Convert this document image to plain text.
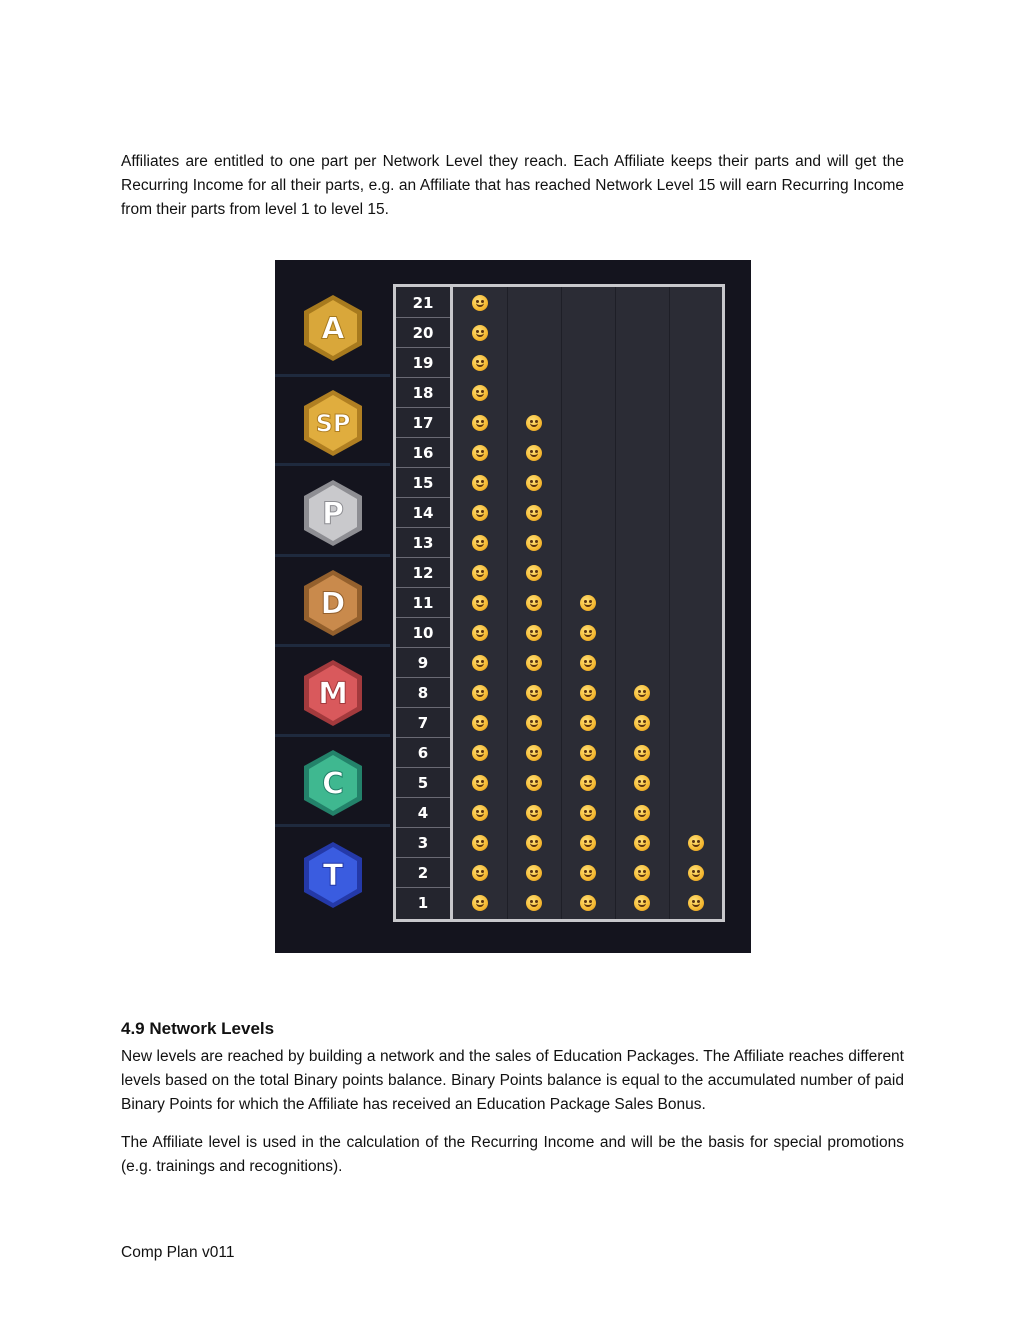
Affiliates are entitled to one part per Network Level they reach. Each Affiliate keeps their parts and will get the Recurring Income for all their parts, e.g. an Affiliate that has reached Network Level 15 will earn Recurring Income from their parts from level 1 to level 15.

A
SP
P
D
M
C
T
21
20
19
18
17
16
15
14
13
12
11
10
9
8
7
6
5
4
3
2
1
4.9 Network Levels

New levels are reached by building a network and the sales of Education Packages. The Affiliate reaches different levels based on the total Binary points balance. Binary Points balance is equal to the accumulated number of paid Binary Points for which the Affiliate has received an Education Package Sales Bonus.

The Affiliate level is used in the calculation of the Recurring Income and will be the basis for special promotions (e.g. trainings and recognitions).

Comp Plan v011
